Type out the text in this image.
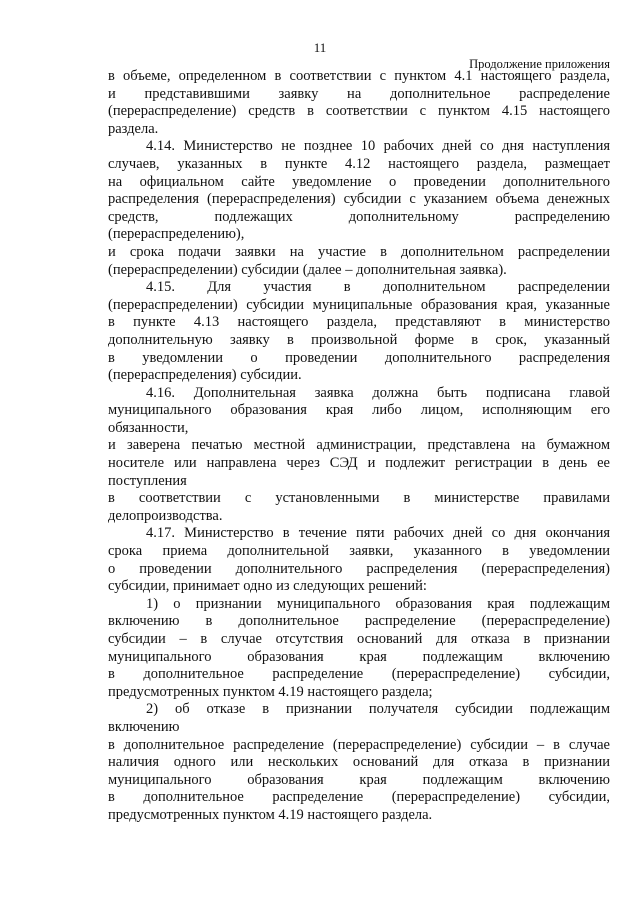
11
Продолжение приложения
в объеме, определенном в соответствии с пунктом 4.1 настоящего раздела,
и представившими заявку на дополнительное распределение
(перераспределение) средств в соответствии с пунктом 4.15 настоящего
раздела.
4.14. Министерство не позднее 10 рабочих дней со дня наступления
случаев, указанных в пункте 4.12 настоящего раздела, размещает
на официальном сайте уведомление о проведении дополнительного
распределения (перераспределения) субсидии с указанием объема денежных
средств, подлежащих дополнительному распределению
(перераспределению),
и срока подачи заявки на участие в дополнительном распределении
(перераспределении) субсидии (далее – дополнительная заявка).
4.15. Для участия в дополнительном распределении
(перераспределении) субсидии муниципальные образования края, указанные
в пункте 4.13 настоящего раздела, представляют в министерство
дополнительную заявку в произвольной форме в срок, указанный
в уведомлении о проведении дополнительного распределения
(перераспределения) субсидии.
4.16. Дополнительная заявка должна быть подписана главой
муниципального образования края либо лицом, исполняющим его
обязанности,
и заверена печатью местной администрации, представлена на бумажном
носителе или направлена через СЭД и подлежит регистрации в день ее
поступления
в соответствии с установленными в министерстве правилами
делопроизводства.
4.17. Министерство в течение пяти рабочих дней со дня окончания
срока приема дополнительной заявки, указанного в уведомлении
о проведении дополнительного распределения (перераспределения)
субсидии, принимает одно из следующих решений:
1) о признании муниципального образования края подлежащим
включению в дополнительное распределение (перераспределение)
субсидии – в случае отсутствия оснований для отказа в признании
муниципального образования края подлежащим включению
в дополнительное распределение (перераспределение) субсидии,
предусмотренных пунктом 4.19 настоящего раздела;
2) об отказе в признании получателя субсидии подлежащим
включению
в дополнительное распределение (перераспределение) субсидии – в случае
наличия одного или нескольких оснований для отказа в признании
муниципального образования края подлежащим включению
в дополнительное распределение (перераспределение) субсидии,
предусмотренных пунктом 4.19 настоящего раздела.
